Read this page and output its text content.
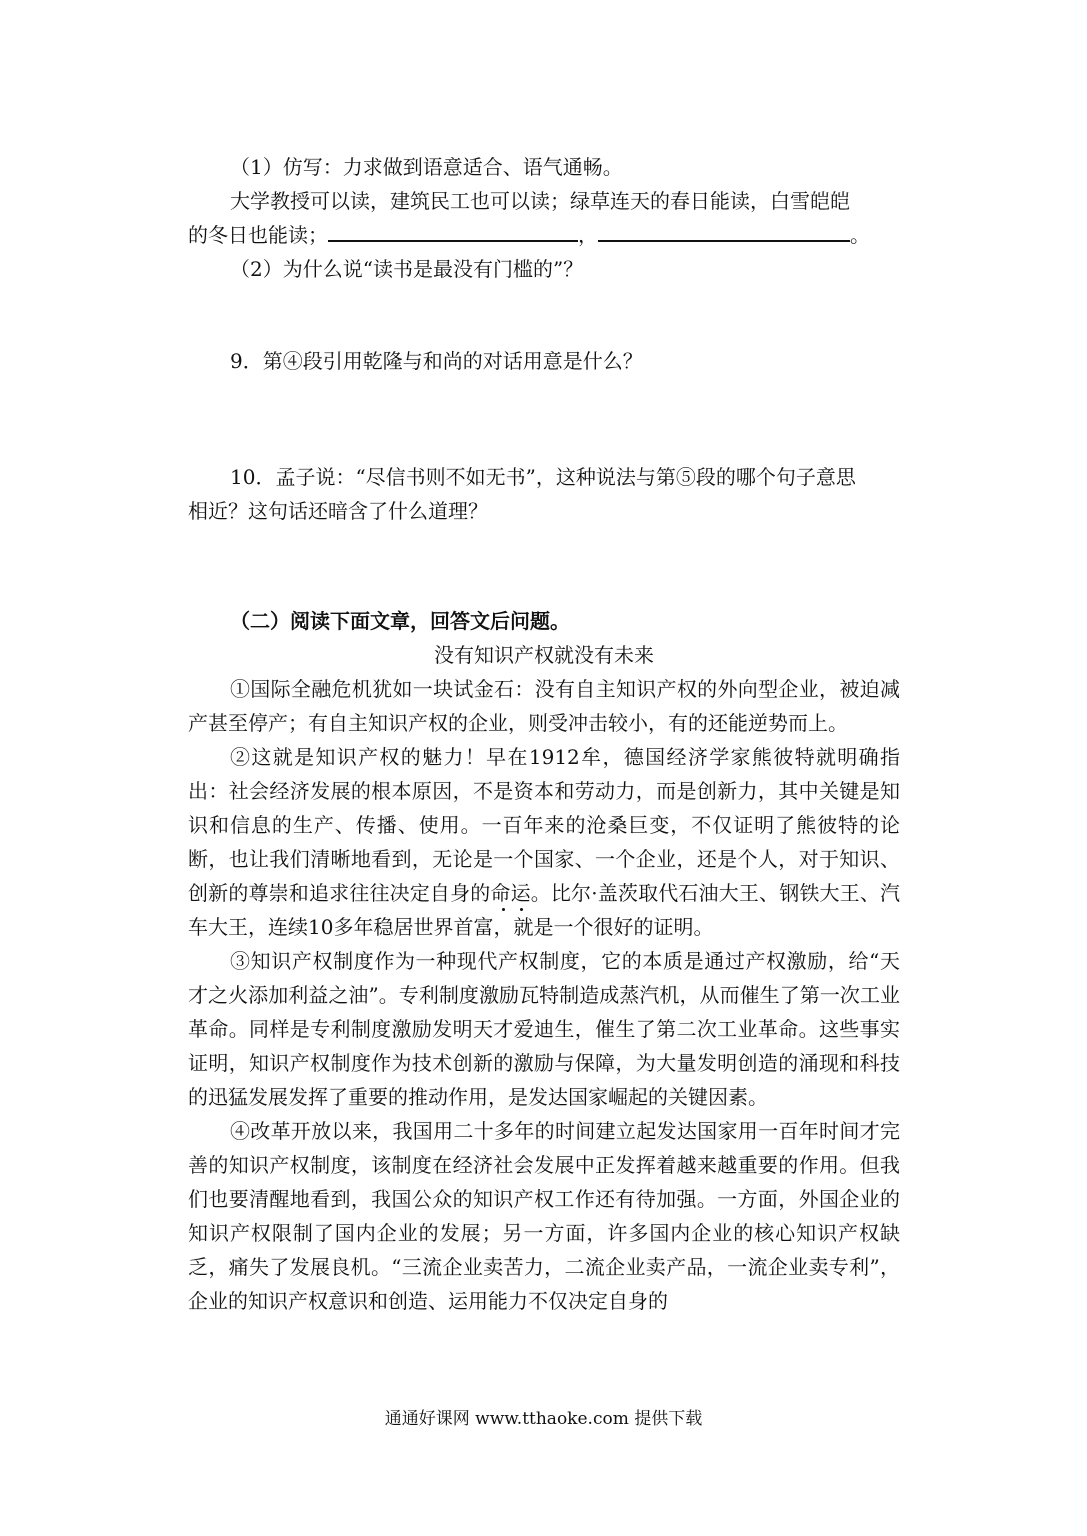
（1）仿写：力求做到语意适合、语气通畅。

大学教授可以读，建筑民工也可以读；绿草连天的春日能读，白雪皑皑

的冬日也能读；	，	。

（2）为什么说“读书是最没有门槛的”？

9．第④段引用乾隆与和尚的对话用意是什么？

10．孟子说：“尽信书则不如无书”，这种说法与第⑤段的哪个句子意思

相近？这句话还暗含了什么道理？

（二）阅读下面文章，回答文后问题。

没有知识产权就没有未来

①国际全融危机犹如一块试金石：没有自主知识产权的外向型企业，被迫减产甚至停产；有自主知识产权的企业，则受冲击较小，有的还能逆势而上。

②这就是知识产权的魅力！早在1912牟，德国经济学家熊彼特就明确指出：社会经济发展的根本原因，不是资本和劳动力，而是创新力，其中关键是知识和信息的生产、传播、使用。一百年来的沧桑巨变，不仅证明了熊彼特的论断，也让我们清晰地看到，无论是一个国家、一个企业，还是个人，对于知识、创新的尊崇和追求往往决定自身的命运。比尔·盖茨取代石油大王、钢铁大王、汽车大王，连续10多年稳居世界首富，就是一个很好的证明。

③知识产权制度作为一种现代产权制度，它的本质是通过产权激励，给“天才之火添加利益之油”。专利制度激励瓦特制造成蒸汽机，从而催生了第一次工业革命。同样是专利制度激励发明天才爱迪生，催生了第二次工业革命。这些事实证明，知识产权制度作为技术创新的激励与保障，为大量发明创造的涌现和科技的迅猛发展发挥了重要的推动作用，是发达国家崛起的关键因素。

④改革开放以来，我国用二十多年的时间建立起发达国家用一百年时间才完善的知识产权制度，该制度在经济社会发展中正发挥着越来越重要的作用。但我们也要清醒地看到，我国公众的知识产权工作还有待加强。一方面，外国企业的知识产权限制了国内企业的发展；另一方面，许多国内企业的核心知识产权缺乏，痛失了发展良机。“三流企业卖苦力，二流企业卖产品，一流企业卖专利”，企业的知识产权意识和创造、运用能力不仅决定自身的

通通好课网 www.tthaoke.com 提供下载
